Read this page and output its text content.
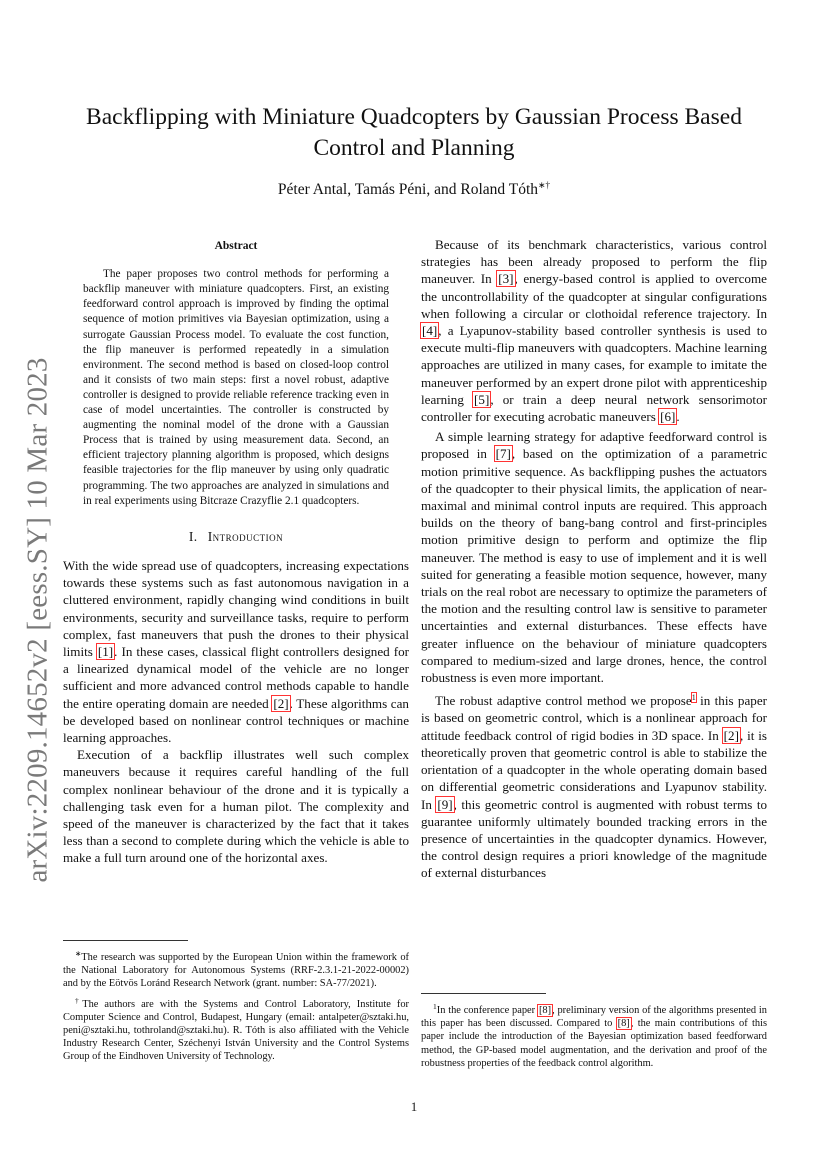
arXiv:2209.14652v2 [eess.SY] 10 Mar 2023
Backflipping with Miniature Quadcopters by Gaussian Process Based Control and Planning
Péter Antal, Tamás Péni, and Roland Tóth∗†
Abstract
The paper proposes two control methods for performing a backflip maneuver with miniature quadcopters. First, an existing feedforward control approach is improved by finding the optimal sequence of motion primitives via Bayesian optimization, using a surrogate Gaussian Process model. To evaluate the cost function, the flip maneuver is performed repeatedly in a simulation environment. The second method is based on closed-loop control and it consists of two main steps: first a novel robust, adaptive controller is designed to provide reliable reference tracking even in case of model uncertainties. The controller is constructed by augmenting the nominal model of the drone with a Gaussian Process that is trained by using measurement data. Second, an efficient trajectory planning algorithm is proposed, which designs feasible trajectories for the flip maneuver by using only quadratic programming. The two approaches are analyzed in simulations and in real experiments using Bitcraze Crazyflie 2.1 quadcopters.
I. Introduction

With the wide spread use of quadcopters, increasing expectations towards these systems such as fast autonomous navigation in a cluttered environment, rapidly changing wind conditions in built environments, security and surveillance tasks, require to perform complex, fast maneuvers that push the drones to their physical limits [1]. In these cases, classical flight controllers designed for a linearized dynamical model of the vehicle are no longer sufficient and more advanced control methods capable to handle the entire operating domain are needed [2]. These algorithms can be developed based on nonlinear control techniques or machine learning approaches.

Execution of a backflip illustrates well such complex maneuvers because it requires careful handling of the full complex nonlinear behaviour of the drone and it is typically a challenging task even for a human pilot. The complexity and speed of the maneuver is characterized by the fact that it takes less than a second to complete during which the vehicle is able to make a full turn around one of the horizontal axes.

Because of its benchmark characteristics, various control strategies has been already proposed to perform the flip maneuver. In [3], energy-based control is applied to overcome the uncontrollability of the quadcopter at singular configurations when following a circular or clothoidal reference trajectory. In [4], a Lyapunov-stability based controller synthesis is used to execute multi-flip maneuvers with quadcopters. Machine learning approaches are utilized in many cases, for example to imitate the maneuver performed by an expert drone pilot with apprenticeship learning [5], or train a deep neural network sensorimotor controller for executing acrobatic maneuvers [6].

A simple learning strategy for adaptive feedforward control is proposed in [7], based on the optimization of a parametric motion primitive sequence. As backflipping pushes the actuators of the quadcopter to their physical limits, the application of near-maximal and minimal control inputs are required. This approach builds on the theory of bang-bang control and first-principles motion primitive design to perform and optimize the flip maneuver. The method is easy to use of implement and it is well suited for generating a feasible motion sequence, however, many trials on the real robot are necessary to optimize the parameters of the motion and the resulting control law is sensitive to parameter uncertainties and external disturbances. These effects have greater influence on the behaviour of miniature quadcopters compared to medium-sized and large drones, hence, the control robustness is even more important.

The robust adaptive control method we propose$^1$ in this paper is based on geometric control, which is a nonlinear approach for attitude feedback control of rigid bodies in 3D space. In [2], it is theoretically proven that geometric control is able to stabilize the orientation of a quadcopter in the whole operating domain based on differential geometric considerations and Lyapunov stability. In [9], this geometric control is augmented with robust terms to guarantee uniformly ultimately bounded tracking errors in the presence of uncertainties in the quadcopter dynamics. However, the control design requires a priori knowledge of the magnitude of external disturbances

∗The research was supported by the European Union within the framework of the National Laboratory for Autonomous Systems (RRF-2.3.1-21-2022-00002) and by the Eötvös Loránd Research Network (grant. number: SA-77/2021).

†The authors are with the Systems and Control Laboratory, Institute for Computer Science and Control, Budapest, Hungary (email: antalpeter@sztaki.hu, peni@sztaki.hu, tothroland@sztaki.hu). R. Tóth is also affiliated with the Vehicle Industry Research Center, Széchenyi István University and the Control Systems Group of the Eindhoven University of Technology.

$^1$In the conference paper [8], preliminary version of the algorithms presented in this paper has been discussed. Compared to [8], the main contributions of this paper include the introduction of the Bayesian optimization based feedforward method, the GP-based model augmentation, and the derivation and proof of the robustness properties of the feedback control algorithm.

1
